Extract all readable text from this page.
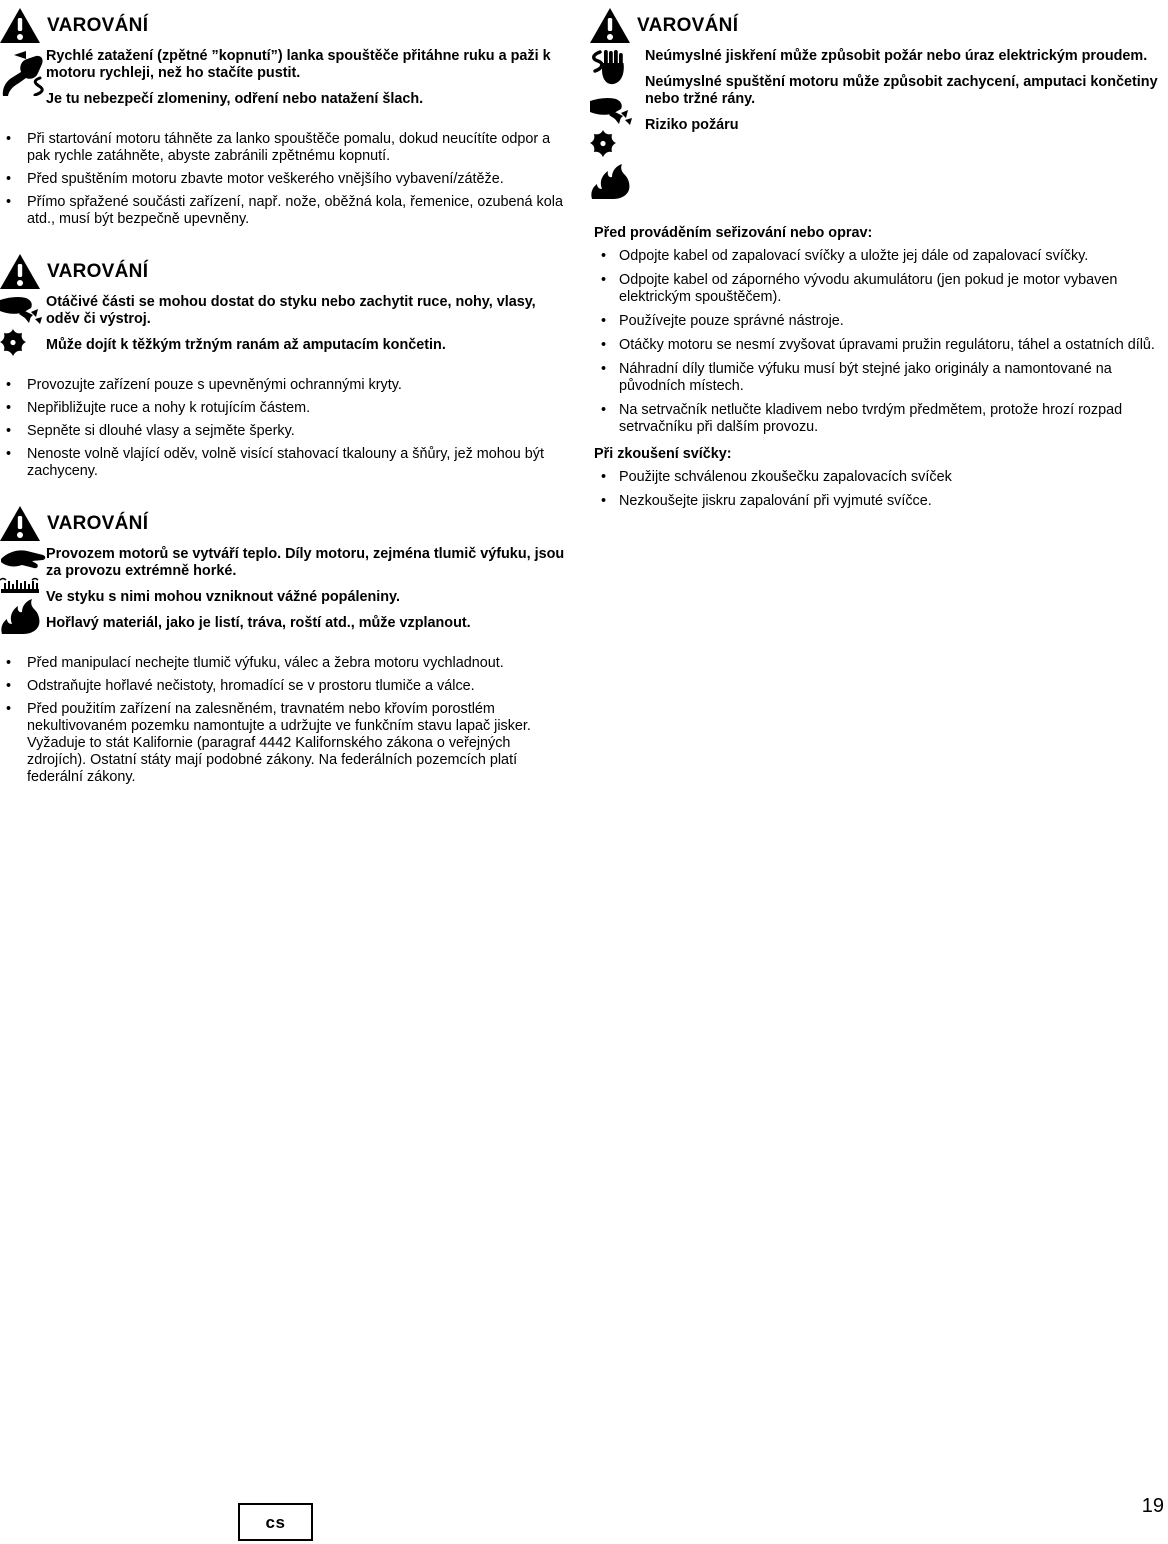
VAROVÁNÍ

Rychlé zatažení (zpětné ”kopnutí”) lanka spouštěče přitáhne ruku a paži k motoru rychleji, než ho stačíte pustit.

Je tu nebezpečí zlomeniny, odření nebo natažení šlach.

•
Při startování motoru táhněte za lanko spouštěče pomalu, dokud neucítíte odpor a pak rychle zatáhněte, abyste zabránili zpětnému kopnutí.
•
Před spuštěním motoru zbavte motor veškerého vnějšího vybavení/zátěže.
•
Přímo spřažené součásti zařízení, např. nože, oběžná kola, řemenice, ozubená kola atd., musí být bezpečně upevněny.
VAROVÁNÍ

Otáčivé části se mohou dostat do styku nebo zachytit ruce, nohy, vlasy, oděv či výstroj.

Může dojít k těžkým tržným ranám až amputacím končetin.

•
Provozujte zařízení pouze s upevněnými ochrannými kryty.
•
Nepřibližujte ruce a nohy k rotujícím částem.
•
Sepněte si dlouhé vlasy a sejměte šperky.
•
Nenoste volně vlající oděv, volně visící stahovací tkalouny a šňůry, jež mohou být zachyceny.
VAROVÁNÍ

Provozem motorů se vytváří teplo. Díly motoru, zejména tlumič výfuku, jsou za provozu extrémně horké.

Ve styku s nimi mohou vzniknout vážné popáleniny.

Hořlavý materiál, jako je listí, tráva, roští atd., může vzplanout.

•
Před manipulací nechejte tlumič výfuku, válec a žebra motoru vychladnout.
•
Odstraňujte hořlavé nečistoty, hromadící se v prostoru tlumiče a válce.
•
Před použitím zařízení na zalesněném, travnatém nebo křovím porostlém nekultivovaném pozemku namontujte a udržujte ve funkčním stavu lapač jisker. Vyžaduje to stát Kalifornie (paragraf 4442 Kalifornského zákona o veřejných zdrojích). Ostatní státy mají podobné zákony. Na federálních pozemcích platí federální zákony.
VAROVÁNÍ

Neúmyslné jiskření může způsobit požár nebo úraz elektrickým proudem.

Neúmyslné spuštění motoru může způsobit zachycení, amputaci končetiny nebo tržné rány.

Riziko požáru

Před prováděním seřizování nebo oprav:
•
Odpojte kabel od zapalovací svíčky a uložte jej dále od zapalovací svíčky.
•
Odpojte kabel od záporného vývodu akumulátoru (jen pokud je motor vybaven elektrickým spouštěčem).
•
Používejte pouze správné nástroje.
•
Otáčky motoru se nesmí zvyšovat úpravami pružin regulátoru, táhel a ostatních dílů.
•
Náhradní díly tlumiče výfuku musí být stejné jako originály a namontované na původních místech.
•
Na setrvačník netlučte kladivem nebo tvrdým předmětem, protože hrozí rozpad setrvačníku při dalším provozu.
Při zkoušení svíčky:
•
Použijte schválenou zkoušečku zapalovacích svíček
•
Nezkoušejte jiskru zapalování při vyjmuté svíčce.
cs
19
